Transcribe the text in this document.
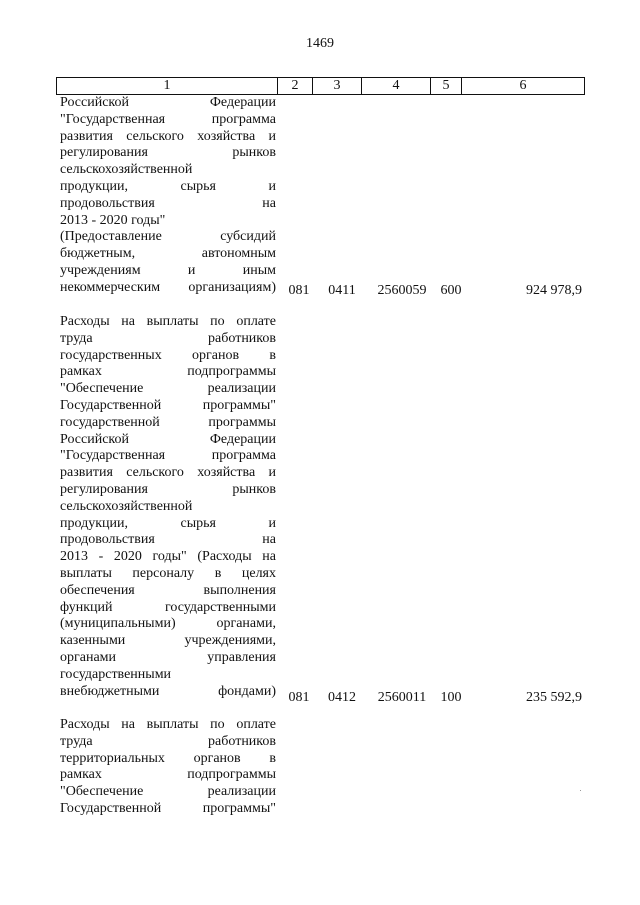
1469
1	2	3	4	5	6
Российской Федерации
"Государственная программа
развития сельского хозяйства и
регулирования рынков
сельскохозяйственной
продукции, сырья и
продовольствия на
2013 - 2020 годы"
(Предоставление субсидий
бюджетным, автономным
учреждениям и иным
некоммерческим организациям) 081	0411	2560059	600	924 978,9
Расходы на выплаты по оплате
труда работников
государственных органов в
рамках подпрограммы
"Обеспечение реализации
Государственной программы"
государственной программы
Российской Федерации
"Государственная программа
развития сельского хозяйства и
регулирования рынков
сельскохозяйственной
продукции, сырья и
продовольствия на
2013 - 2020 годы" (Расходы на
выплаты персоналу в целях
обеспечения выполнения
функций государственными
(муниципальными) органами,
казенными учреждениями,
органами управления
государственными
внебюджетными фондами) 081	0412	2560011	100	235 592,9
Расходы на выплаты по оплате
труда работников
территориальных органов в
рамках подпрограммы
"Обеспечение реализации
Государственной программы"
